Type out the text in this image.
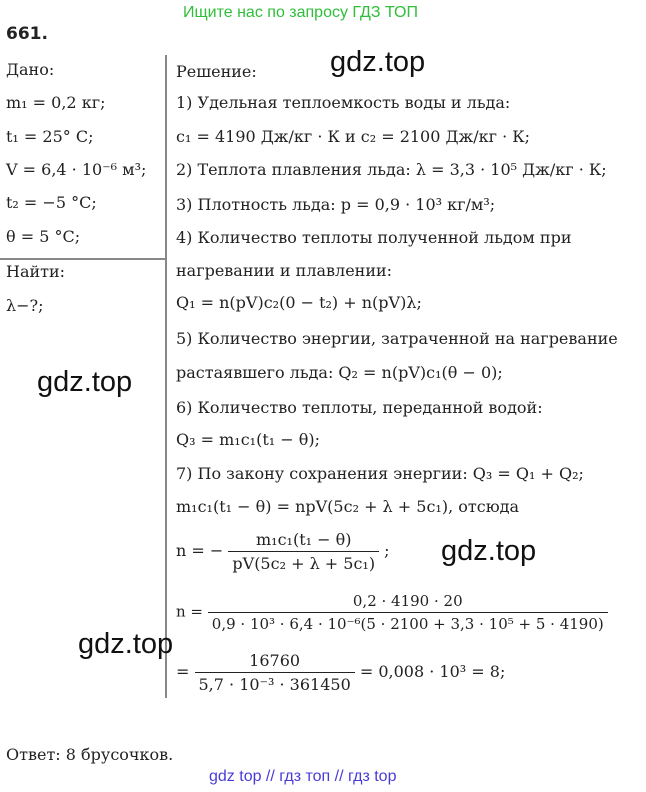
Ищите нас по запросу ГДЗ ТОП
661.
Дано:
m₁ = 0,2 кг;
t₁ = 25° C;
V = 6,4 · 10⁻⁶ м³;
t₂ = −5 °C;
θ = 5 °C;
Найти:
λ−?;
Решение:
1) Удельная теплоемкость воды и льда:
c₁ = 4190 Дж/кг · К и c₂ = 2100 Дж/кг · К;
2) Теплота плавления льда: λ = 3,3 · 10⁵ Дж/кг · К;
3) Плотность льда: p = 0,9 · 10³ кг/м³;
4) Количество теплоты полученной льдом при
нагревании и плавлении:
Q₁ = n(pV)c₂(0 − t₂) + n(pV)λ;
5) Количество энергии, затраченной на нагревание
растаявшего льда: Q₂ = n(pV)c₁(θ − 0);
6) Количество теплоты, переданной водой:
Q₃ = m₁c₁(t₁ − θ);
7) По закону сохранения энергии: Q₃ = Q₁ + Q₂;
m₁c₁(t₁ − θ) = npV(5c₂ + λ + 5c₁), отсюда
n = − $\frac{\text{m₁c₁(t₁ − θ)}}{\text{pV(5c₂ + λ + 5c₁)}}$ ;
$n = \frac{0,2 \cdot 4190 \cdot 20}{\text{0,9 · 10³ · 6,4 · 10⁻⁶(5 · 2100 + 3,3 · 10⁵ + 5 · 4190)}}$
= $\frac{16760}{\text{5,7 · 10⁻³ · 361450}} = 0,008 \cdot 10^3 = 8$;
Ответ: 8 брусочков.
gdz.top
gdz.top
gdz.top
gdz.top
gdz top // гдз топ // гдз top
